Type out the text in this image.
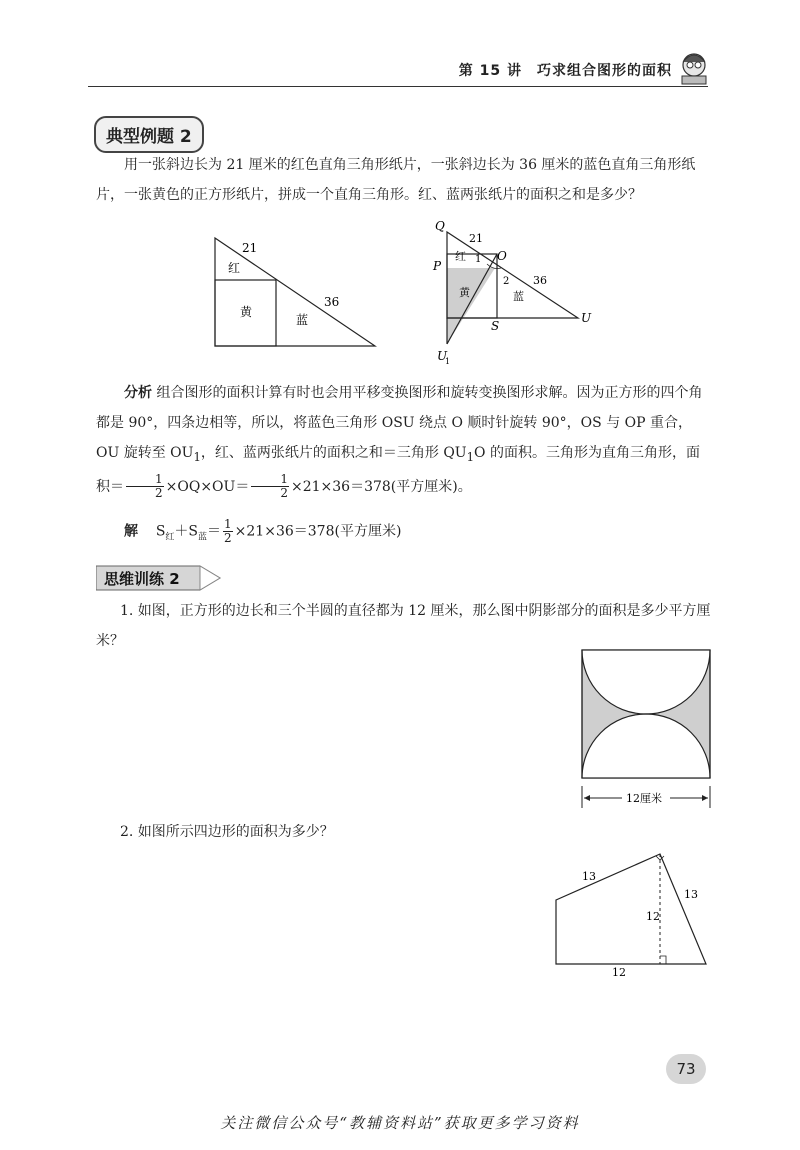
第 15 讲　巧求组合图形的面积
典型例题 2
用一张斜边长为 21 厘米的红色直角三角形纸片，一张斜边长为 36 厘米的蓝色直角三角形纸片，一张黄色的正方形纸片，拼成一个直角三角形。红、蓝两张纸片的面积之和是多少？
21
红
黄
蓝
36
Q
P
O
S
U
U
1
21
36
红
黄	蓝
1
2
分析 组合图形的面积计算有时也会用平移变换图形和旋转变换图形求解。因为正方形的四个角都是 90°，四条边相等，所以，将蓝色三角形 OSU 绕点 O 顺时针旋转 90°，OS 与 OP 重合，OU 旋转至 $OU_1$，红、蓝两张纸片的面积之和＝三角形 $QU_1O$ 的面积。三角形为直角三角形，面积＝ $\frac{1}{2} \times OQ\times OU= \frac{1}{2} \times 21\times 36=378$(平方厘米)。
解 $S_红+S_蓝= \frac{1}{2} \times 21\times 36=378$(平方厘米)
思维训练 2
1. 如图，正方形的边长和三个半圆的直径都为 12 厘米，那么图中阴影部分的面积是多少平方厘米？
12厘米
2. 如图所示四边形的面积为多少？
13
13
12
12
73
关注微信公众号“教辅资料站”获取更多学习资料
